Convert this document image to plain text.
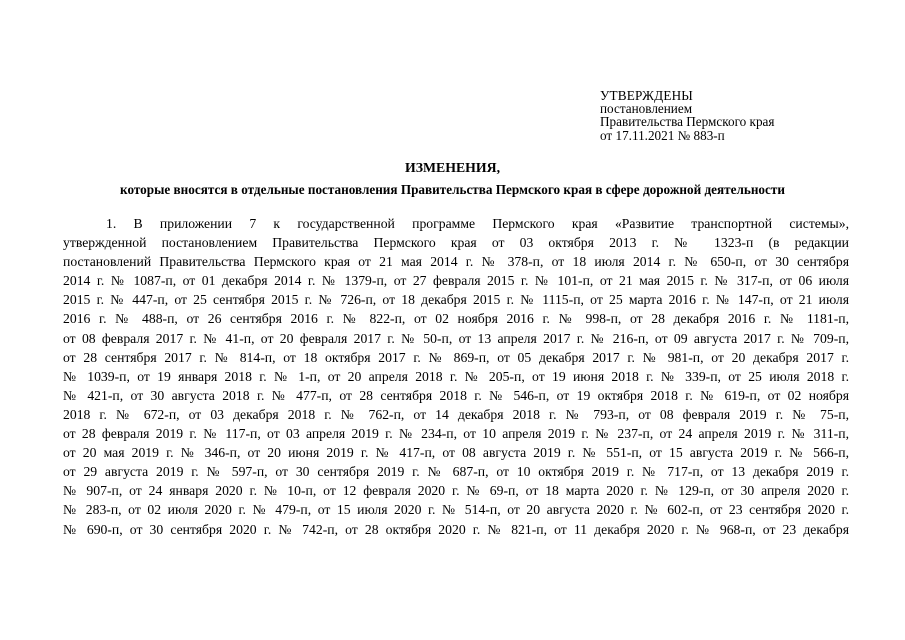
УТВЕРЖДЕНЫ
постановлением
Правительства Пермского края
от 17.11.2021 № 883-п
ИЗМЕНЕНИЯ,
которые вносятся в отдельные постановления Правительства Пермского края в сфере дорожной деятельности
1. В приложении 7 к государственной программе Пермского края «Развитие транспортной системы»,
утвержденной постановлением Правительства Пермского края от 03 октября 2013 г. № 1323-п (в редакции
постановлений Правительства Пермского края от 21 мая 2014 г. № 378-п, от 18 июля 2014 г. № 650-п, от 30 сентября
2014 г. № 1087-п, от 01 декабря 2014 г. № 1379-п, от 27 февраля 2015 г. № 101-п, от 21 мая 2015 г. № 317-п, от 06 июля
2015 г. № 447-п, от 25 сентября 2015 г. № 726-п, от 18 декабря 2015 г. № 1115-п, от 25 марта 2016 г. № 147-п, от 21 июля
2016 г. № 488-п, от 26 сентября 2016 г. № 822-п, от 02 ноября 2016 г. № 998-п, от 28 декабря 2016 г. № 1181-п,
от 08 февраля 2017 г. № 41-п, от 20 февраля 2017 г. № 50-п, от 13 апреля 2017 г. № 216-п, от 09 августа 2017 г. № 709-п,
от 28 сентября 2017 г. № 814-п, от 18 октября 2017 г. № 869-п, от 05 декабря 2017 г. № 981-п, от 20 декабря 2017 г.
№ 1039-п, от 19 января 2018 г. № 1-п, от 20 апреля 2018 г. № 205-п, от 19 июня 2018 г. № 339-п, от 25 июля 2018 г.
№ 421-п, от 30 августа 2018 г. № 477-п, от 28 сентября 2018 г. № 546-п, от 19 октября 2018 г. № 619-п, от 02 ноября
2018 г. № 672-п, от 03 декабря 2018 г. № 762-п, от 14 декабря 2018 г. № 793-п, от 08 февраля 2019 г. № 75-п,
от 28 февраля 2019 г. № 117-п, от 03 апреля 2019 г. № 234-п, от 10 апреля 2019 г. № 237-п, от 24 апреля 2019 г. № 311-п,
от 20 мая 2019 г. № 346-п, от 20 июня 2019 г. № 417-п, от 08 августа 2019 г. № 551-п, от 15 августа 2019 г. № 566-п,
от 29 августа 2019 г. № 597-п, от 30 сентября 2019 г. № 687-п, от 10 октября 2019 г. № 717-п, от 13 декабря 2019 г.
№ 907-п, от 24 января 2020 г. № 10-п, от 12 февраля 2020 г. № 69-п, от 18 марта 2020 г. № 129-п, от 30 апреля 2020 г.
№ 283-п, от 02 июля 2020 г. № 479-п, от 15 июля 2020 г. № 514-п, от 20 августа 2020 г. № 602-п, от 23 сентября 2020 г.
№ 690-п, от 30 сентября 2020 г. № 742-п, от 28 октября 2020 г. № 821-п, от 11 декабря 2020 г. № 968-п, от 23 декабря
